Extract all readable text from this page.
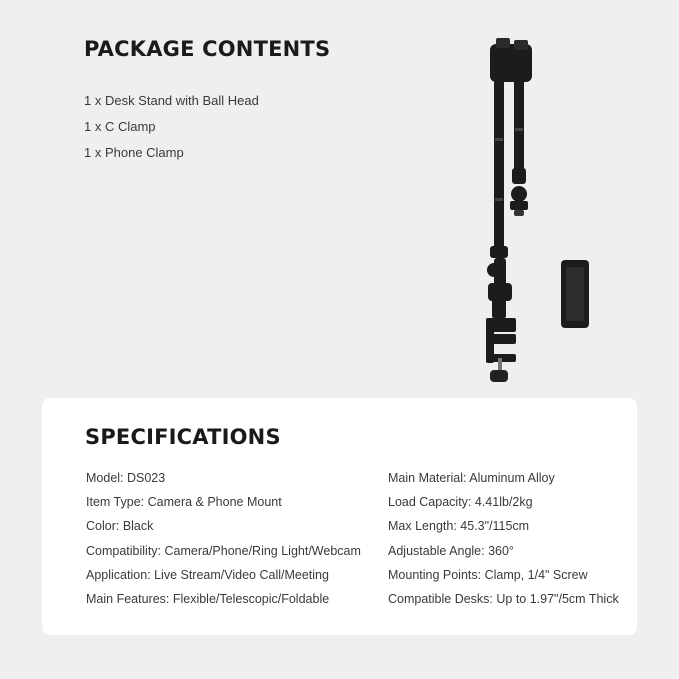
PACKAGE CONTENTS
1 x Desk Stand with Ball Head
1 x C Clamp
1 x Phone Clamp
SPECIFICATIONS
Model: DS023
Item Type: Camera & Phone Mount
Color: Black
Compatibility: Camera/Phone/Ring Light/Webcam
Application: Live Stream/Video Call/Meeting
Main Features: Flexible/Telescopic/Foldable
Main Material: Aluminum Alloy
Load Capacity: 4.41lb/2kg
Max Length: 45.3"/115cm
Adjustable Angle: 360°
Mounting Points: Clamp, 1/4" Screw
Compatible Desks: Up to 1.97"/5cm Thick
